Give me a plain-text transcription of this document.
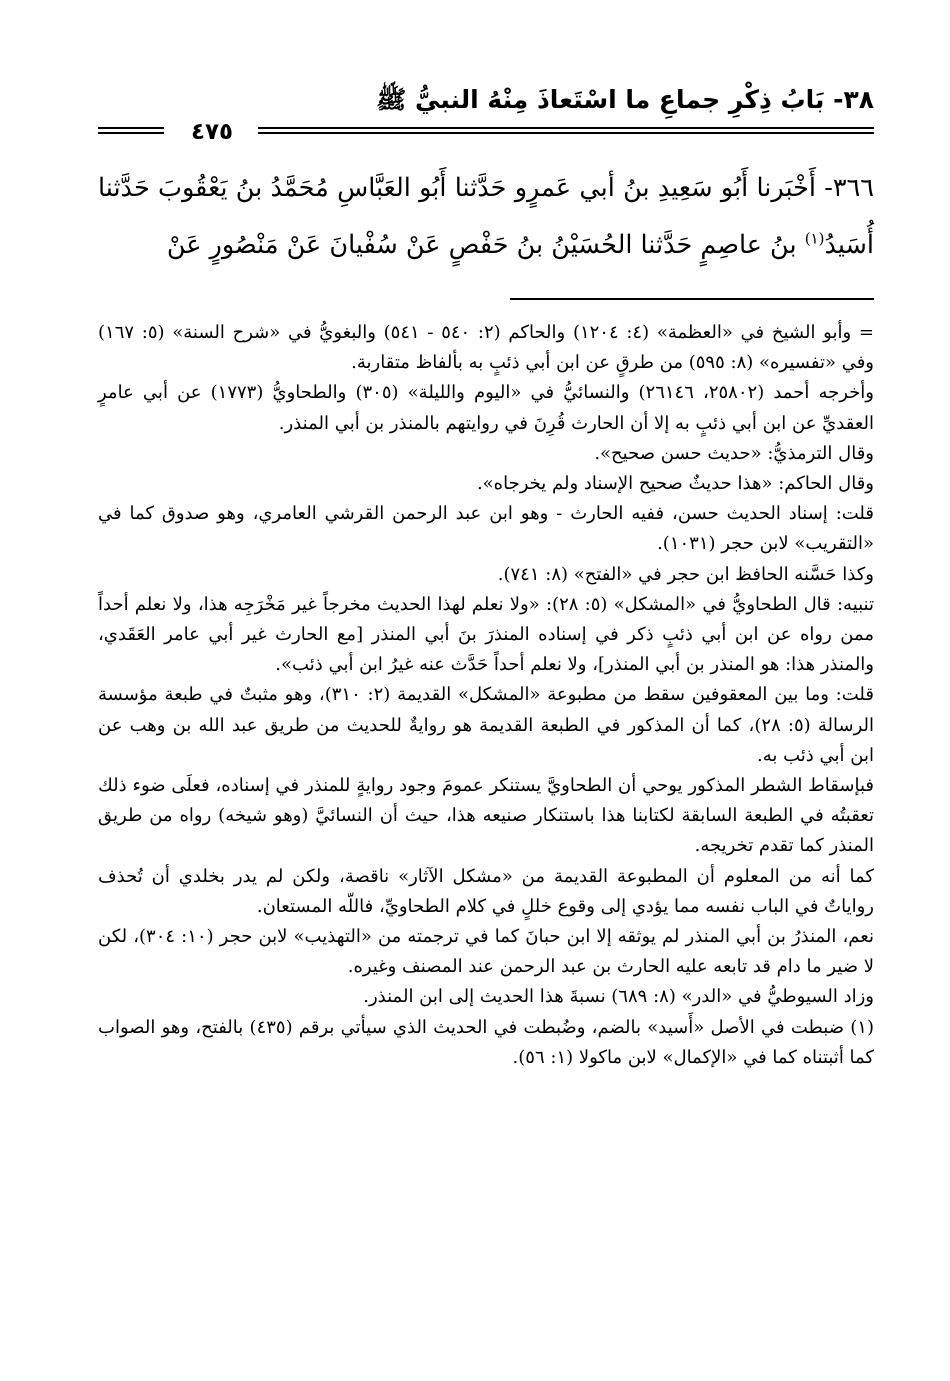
٣٨- بَابُ ذِكْرِ جماعِ ما اسْتَعاذَ مِنْهُ النبيُّ ﷺ
٤٧٥

٣٦٦- أَخْبَرنا أَبُو سَعِيدِ بنُ أبي عَمرٍو حَدَّثنا أَبُو العَبَّاسِ مُحَمَّدُ بنُ يَعْقُوبَ حَدَّثنا أُسَيدُ$^{(١)}$ بنُ عاصِمٍ حَدَّثنا الحُسَيْنُ بنُ حَفْصٍ عَنْ سُفْيانَ عَنْ مَنْصُورٍ عَنْ

= وأبو الشيخ في «العظمة» (٤: ١٢٠٤) والحاكم (٢: ٥٤٠ - ٥٤١) والبغويُّ في «شرح السنة» (٥: ١٦٧) وفي «تفسيره» (٨: ٥٩٥) من طرقٍ عن ابن أبي ذئبٍ به بألفاظ متقاربة.

وأخرجه أحمد (٢٥٨٠٢، ٢٦١٤٦) والنسائيُّ في «اليوم والليلة» (٣٠٥) والطحاويُّ (١٧٧٣) عن أبي عامرٍ العقديِّ عن ابن أبي ذئبٍ به إلا أن الحارث قُرِنَ في روايتهم بالمنذر بن أبي المنذر.

وقال الترمذيُّ: «حديث حسن صحيح».

وقال الحاكم: «هذا حديثٌ صحيح الإسناد ولم يخرجاه».

قلت: إسناد الحديث حسن، ففيه الحارث - وهو ابن عبد الرحمن القرشي العامري، وهو صدوق كما في «التقريب» لابن حجر (١٠٣١).

وكذا حَسَّنه الحافظ ابن حجر في «الفتح» (٨: ٧٤١).

تنبيه: قال الطحاويُّ في «المشكل» (٥: ٢٨): «ولا نعلم لهذا الحديث مخرجاً غير مَخْرَجِه هذا، ولا نعلم أحداً ممن رواه عن ابن أبي ذئبٍ ذكر في إسناده المنذرَ بنَ أبي المنذر [مع الحارث غير أبي عامر العَقَدي، والمنذر هذا: هو المنذر بن أبي المنذر]، ولا نعلم أحداً حَدَّث عنه غيرُ ابن أبي ذئب».

قلت: وما بين المعقوفين سقط من مطبوعة «المشكل» القديمة (٢: ٣١٠)، وهو مثبتٌ في طبعة مؤسسة الرسالة (٥: ٢٨)، كما أن المذكور في الطبعة القديمة هو روايةٌ للحديث من طريق عبد الله بن وهب عن ابن أبي ذئب به.

فبإسقاط الشطر المذكور يوحي أن الطحاويَّ يستنكر عمومَ وجود روايةٍ للمنذر في إسناده، فعلَى ضوء ذلك تعقبتُه في الطبعة السابقة لكتابنا هذا باستنكار صنيعه هذا، حيث أن النسائيَّ (وهو شيخه) رواه من طريق المنذر كما تقدم تخريجه.

كما أنه من المعلوم أن المطبوعة القديمة من «مشكل الآثار» ناقصة، ولكن لم يدر بخلدي أن تُحذف رواياتٌ في الباب نفسه مما يؤدي إلى وقوع خللٍ في كلام الطحاويِّ، فاللّه المستعان.

نعم، المنذرُ بن أبي المنذر لم يوثقه إلا ابن حبانَ كما في ترجمته من «التهذيب» لابن حجر (١٠: ٣٠٤)، لكن لا ضير ما دام قد تابعه عليه الحارث بن عبد الرحمن عند المصنف وغيره.

وزاد السيوطيُّ في «الدر» (٨: ٦٨٩) نسبةَ هذا الحديث إلى ابن المنذر.

(١) ضبطت في الأصل «أَسيد» بالضم، وضُبطت في الحديث الذي سيأتي برقم (٤٣٥) بالفتح، وهو الصواب كما أثبتناه كما في «الإكمال» لابن ماكولا (١: ٥٦).
